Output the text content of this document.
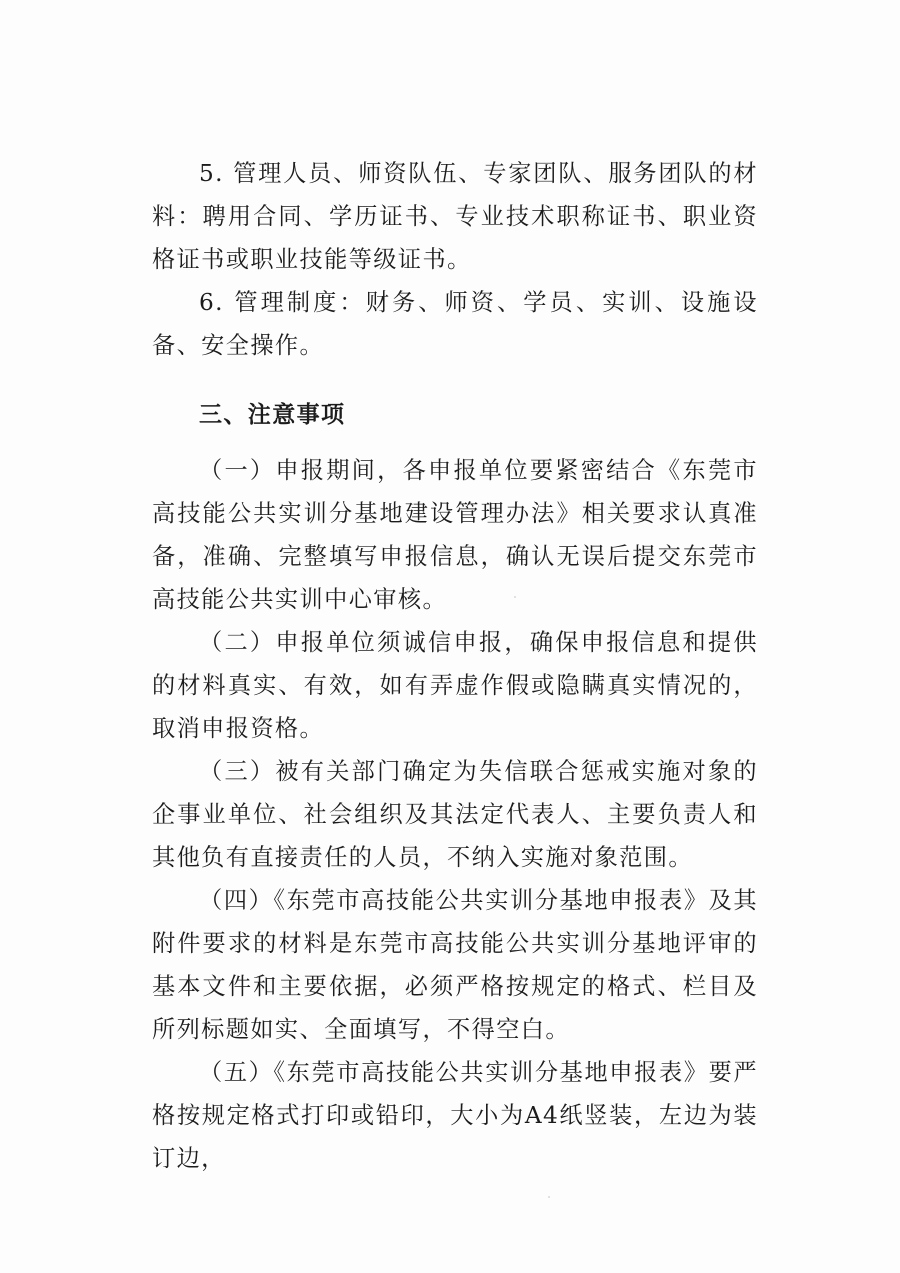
5. 管理人员、师资队伍、专家团队、服务团队的材料：聘用合同、学历证书、专业技术职称证书、职业资格证书或职业技能等级证书。

6. 管理制度：财务、师资、学员、实训、设施设备、安全操作。

三、注意事项

（一）申报期间，各申报单位要紧密结合《东莞市高技能公共实训分基地建设管理办法》相关要求认真准备，准确、完整填写申报信息，确认无误后提交东莞市高技能公共实训中心审核。

（二）申报单位须诚信申报，确保申报信息和提供的材料真实、有效，如有弄虚作假或隐瞒真实情况的，取消申报资格。

（三）被有关部门确定为失信联合惩戒实施对象的企事业单位、社会组织及其法定代表人、主要负责人和其他负有直接责任的人员，不纳入实施对象范围。

（四）《东莞市高技能公共实训分基地申报表》及其附件要求的材料是东莞市高技能公共实训分基地评审的基本文件和主要依据，必须严格按规定的格式、栏目及所列标题如实、全面填写，不得空白。

（五）《东莞市高技能公共实训分基地申报表》要严格按规定格式打印或铅印，大小为A4纸竖装，左边为装订边，
